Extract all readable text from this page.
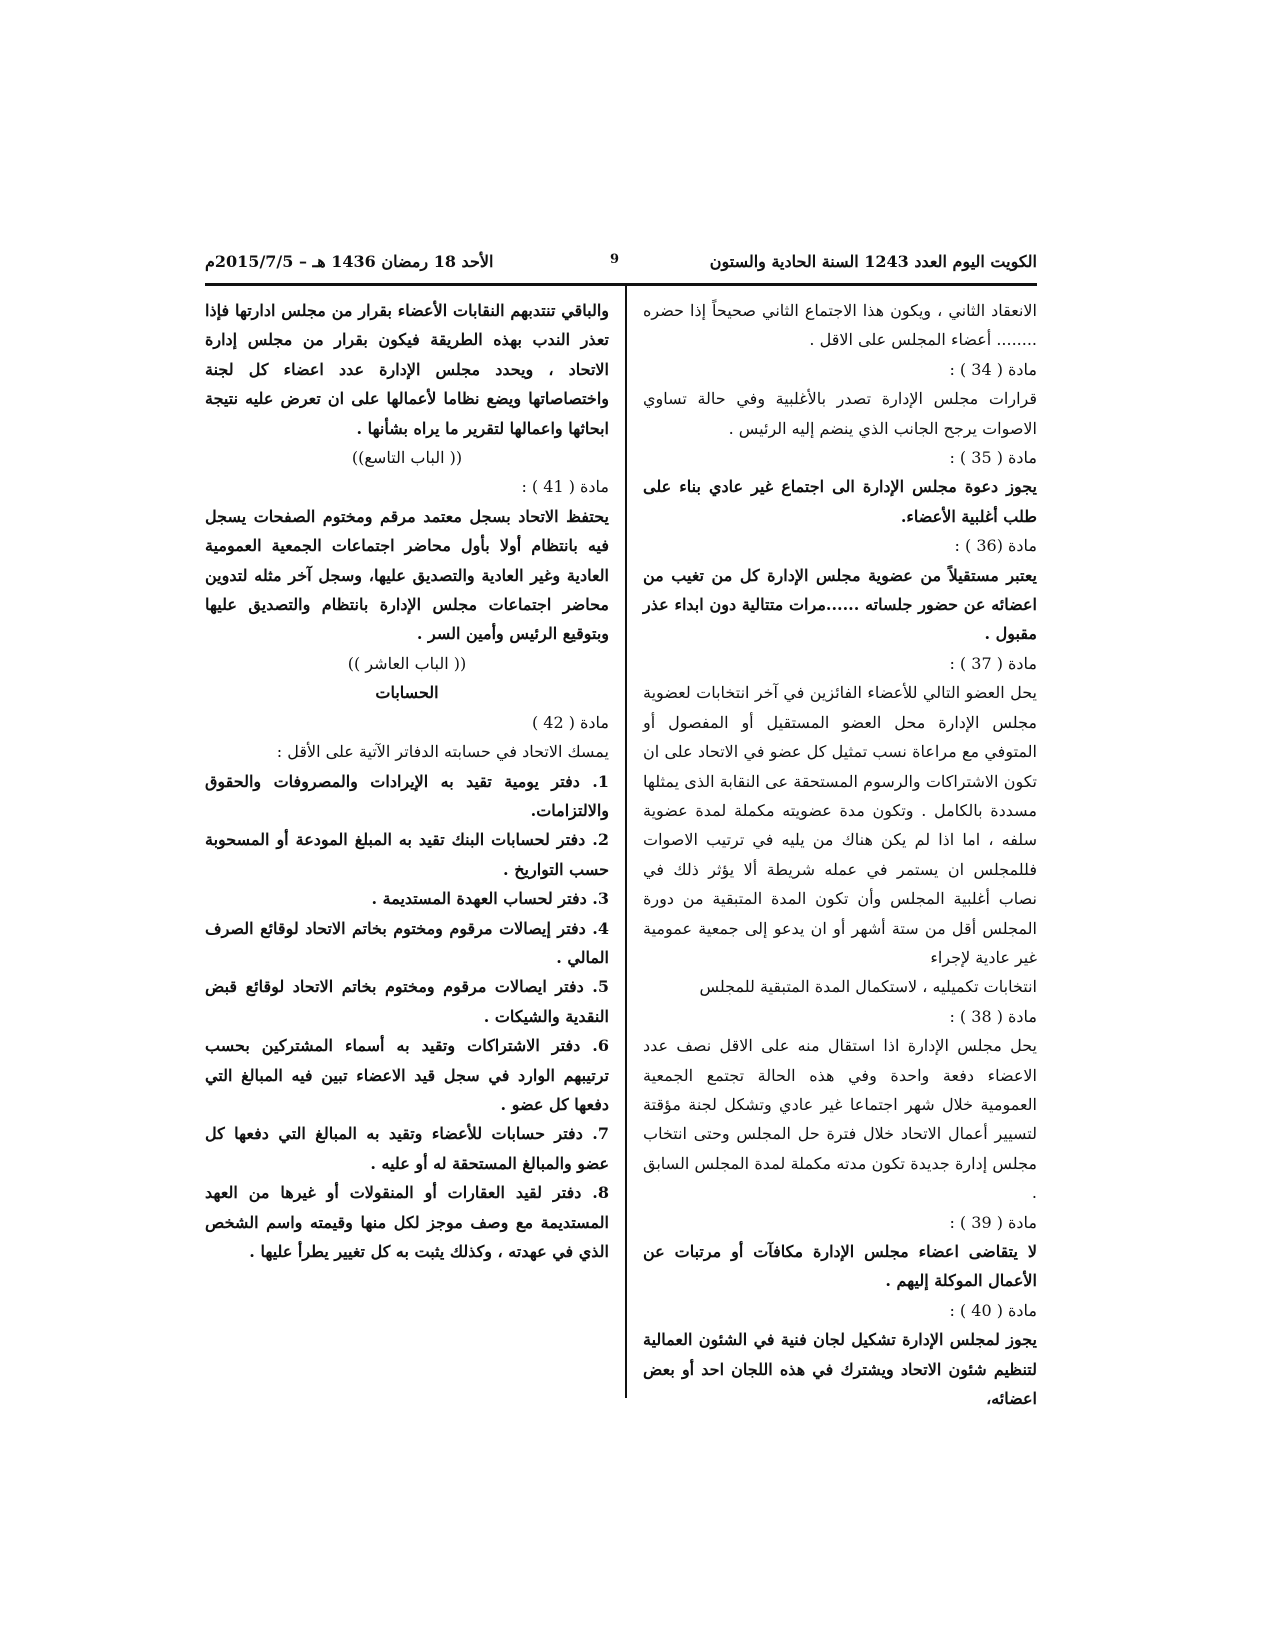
الكويت اليوم العدد 1243 السنة الحادية والستون
9
الأحد 18 رمضان 1436 هـ – 2015/7/5م

الانعقاد الثاني ، ويكون هذا الاجتماع الثاني صحيحاً إذا حضره ........ أعضاء المجلس على الاقل .

مادة ( 34 ) :

قرارات مجلس الإدارة تصدر بالأغلبية وفي حالة تساوي الاصوات يرجح الجانب الذي ينضم إليه الرئيس .

مادة ( 35 ) :

يجوز دعوة مجلس الإدارة الى اجتماع غير عادي بناء على طلب أغلبية الأعضاء.

مادة (36 ) :

يعتبر مستقيلاً من عضوية مجلس الإدارة كل من تغيب من اعضائه عن حضور جلساته ......مرات متتالية دون ابداء عذر مقبول .

مادة ( 37 ) :

يحل العضو التالي للأعضاء الفائزين في آخر انتخابات لعضوية مجلس الإدارة محل العضو المستقيل أو المفصول أو المتوفي مع مراعاة نسب تمثيل كل عضو في الاتحاد على ان تكون الاشتراكات والرسوم المستحقة عى النقابة الذى يمثلها مسددة بالكامل . وتكون مدة عضويته مكملة لمدة عضوية سلفه ، اما اذا لم يكن هناك من يليه في ترتيب الاصوات فللمجلس ان يستمر في عمله شريطة ألا يؤثر ذلك في نصاب أغلبية المجلس وأن تكون المدة المتبقية من دورة المجلس أقل من ستة أشهر أو ان يدعو إلى جمعية عمومية غير عادية لإجراء

انتخابات تكميليه ، لاستكمال المدة المتبقية للمجلس

مادة ( 38 ) :

يحل مجلس الإدارة اذا استقال منه على الاقل نصف عدد الاعضاء دفعة واحدة وفي هذه الحالة تجتمع الجمعية العمومية خلال شهر اجتماعا غير عادي وتشكل لجنة مؤقتة لتسيير أعمال الاتحاد خلال فترة حل المجلس وحتى انتخاب مجلس إدارة جديدة تكون مدته مكملة لمدة المجلس السابق .

مادة ( 39 ) :

لا يتقاضى اعضاء مجلس الإدارة مكافآت أو مرتبات عن الأعمال الموكلة إليهم .

مادة ( 40 ) :

يجوز لمجلس الإدارة تشكيل لجان فنية في الشئون العمالية لتنظيم شئون الاتحاد ويشترك في هذه اللجان احد أو بعض اعضائه،

والباقي تنتدبهم النقابات الأعضاء بقرار من مجلس ادارتها فإذا تعذر الندب بهذه الطريقة فيكون بقرار من مجلس إدارة الاتحاد ، ويحدد مجلس الإدارة عدد اعضاء كل لجنة واختصاصاتها ويضع نظاما لأعمالها على ان تعرض عليه نتيجة ابحاثها واعمالها لتقرير ما يراه بشأنها .

(( الباب التاسع))

مادة ( 41 ) :

يحتفظ الاتحاد بسجل معتمد مرقم ومختوم الصفحات يسجل فيه بانتظام أولا بأول محاضر اجتماعات الجمعية العمومية العادية وغير العادية والتصديق عليها، وسجل آخر مثله لتدوين محاضر اجتماعات مجلس الإدارة بانتظام والتصديق عليها وبتوقيع الرئيس وأمين السر .

(( الباب العاشر ))

الحسابات

مادة ( 42 )

يمسك الاتحاد في حسابته الدفاتر الآتية على الأقل :

1. دفتر يومية تقيد به الإيرادات والمصروفات والحقوق والالتزامات.

2. دفتر لحسابات البنك تقيد به المبلغ المودعة أو المسحوبة حسب التواريخ .

3. دفتر لحساب العهدة المستديمة .

4. دفتر إيصالات مرقوم ومختوم بخاتم الاتحاد لوقائع الصرف المالي .

5. دفتر ايصالات مرقوم ومختوم بخاتم الاتحاد لوقائع قبض النقدية والشيكات .

6. دفتر الاشتراكات وتقيد به أسماء المشتركين بحسب ترتيبهم الوارد في سجل قيد الاعضاء تبين فيه المبالغ التي دفعها كل عضو .

7. دفتر حسابات للأعضاء وتقيد به المبالغ التي دفعها كل عضو والمبالغ المستحقة له أو عليه .

8. دفتر لقيد العقارات أو المنقولات أو غيرها من العهد المستديمة مع وصف موجز لكل منها وقيمته واسم الشخص الذي في عهدته ، وكذلك يثبت به كل تغيير يطرأ عليها .
